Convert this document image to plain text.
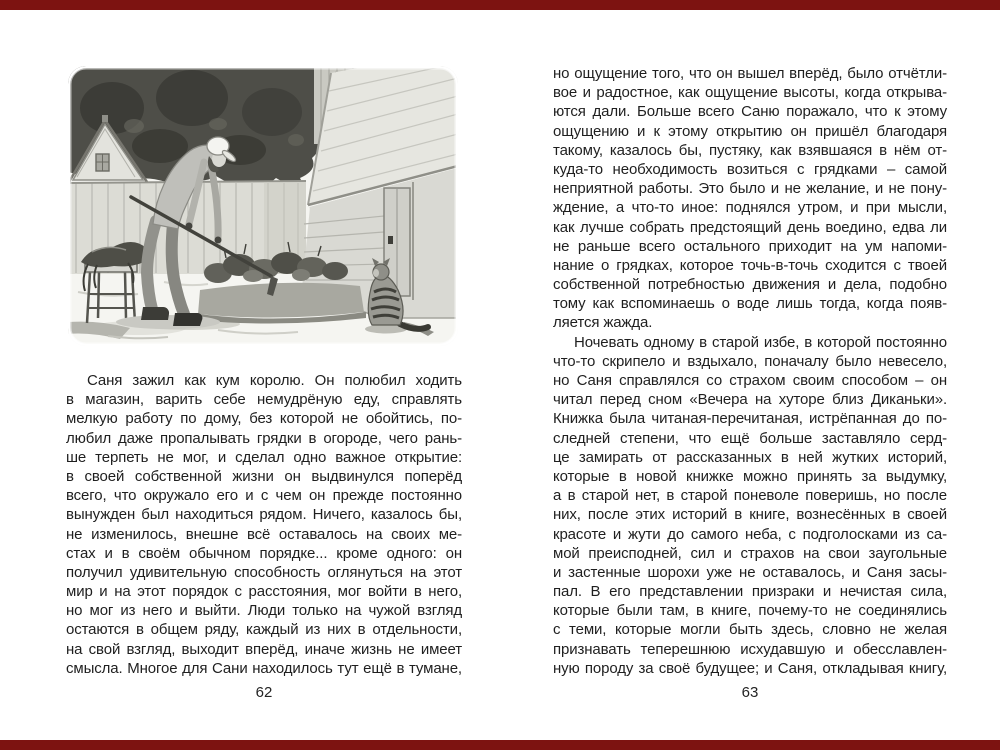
Саня зажил как кум королю. Он полюбил ходить
в магазин, варить себе немудрёную еду, справлять
мелкую работу по дому, без которой не обойтись, по-
любил даже пропалывать грядки в огороде, чего рань-
ше терпеть не мог, и сделал одно важное открытие:
в своей собственной жизни он выдвинулся поперёд
всего, что окружало его и с чем он прежде постоянно
вынужден был находиться рядом. Ничего, казалось бы,
не изменилось, внешне всё оставалось на своих ме-
стах и в своём обычном порядке... кроме одного: он
получил удивительную способность оглянуться на этот
мир и на этот порядок с расстояния, мог войти в него,
но мог из него и выйти. Люди только на чужой взгляд
остаются в общем ряду, каждый из них в отдельности,
на свой взгляд, выходит вперёд, иначе жизнь не имеет
смысла. Многое для Сани находилось тут ещё в тумане,
62
но ощущение того, что он вышел вперёд, было отчётли-
вое и радостное, как ощущение высоты, когда открыва-
ются дали. Больше всего Саню поражало, что к этому
ощущению и к этому открытию он пришёл благодаря
такому, казалось бы, пустяку, как взявшаяся в нём от-
куда-то необходимость возиться с грядками – самой
неприятной работы. Это было и не желание, и не пону-
ждение, а что-то иное: поднялся утром, и при мысли,
как лучше собрать предстоящий день воедино, едва ли
не раньше всего остального приходит на ум напоми-
нание о грядках, которое точь-в-точь сходится с твоей
собственной потребностью движения и дела, подобно
тому как вспоминаешь о воде лишь тогда, когда появ-
ляется жажда.
Ночевать одному в старой избе, в которой постоянно
что-то скрипело и вздыхало, поначалу было невесело,
но Саня справлялся со страхом своим способом – он
читал перед сном «Вечера на хуторе близ Диканьки».
Книжка была читаная-перечитаная, истрёпанная до по-
следней степени, что ещё больше заставляло серд-
це замирать от рассказанных в ней жутких историй,
которые в новой книжке можно принять за выдумку,
а в старой нет, в старой поневоле поверишь, но после
них, после этих историй в книге, вознесённых в своей
красоте и жути до самого неба, с подголосками из са-
мой преисподней, сил и страхов на свои заугольные
и застенные шорохи уже не оставалось, и Саня засы-
пал. В его представлении призраки и нечистая сила,
которые были там, в книге, почему-то не соединялись
с теми, которые могли быть здесь, словно не желая
признавать теперешнюю исхудавшую и обесславлен-
ную породу за своё будущее; и Саня, откладывая книгу,
63
